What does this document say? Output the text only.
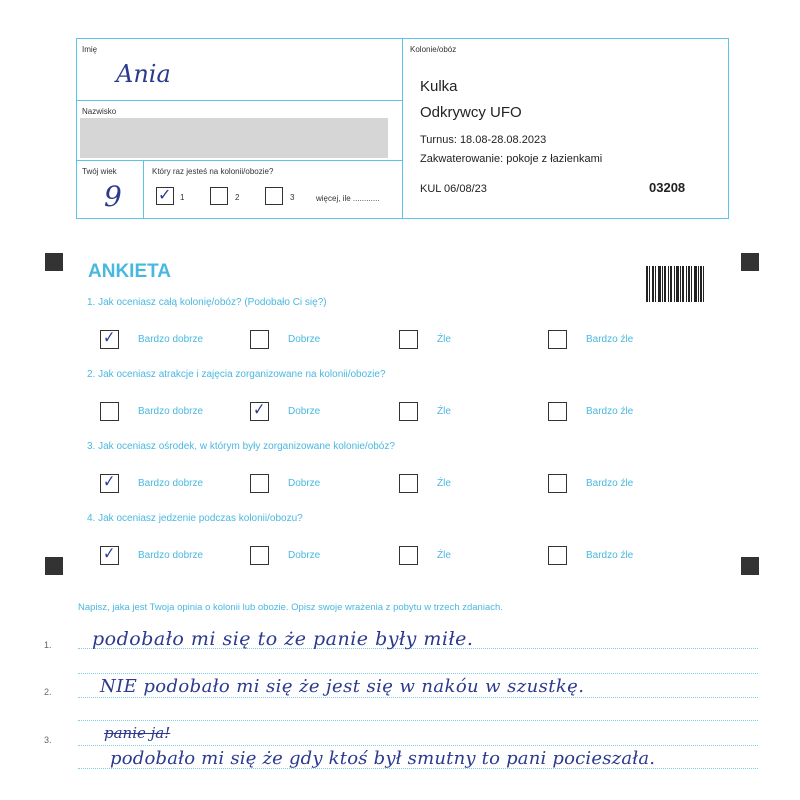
Imię
Ania
Nazwisko
Twój wiek
9
Który raz jesteś na kolonii/obozie?
✓ 1	2	3	więcej, ile ............
Kolonie/obóz
Kulka
Odkrywcy UFO
Turnus: 18.08-28.08.2023
Zakwaterowanie: pokoje z łazienkami
KUL 06/08/23	03208
ANKIETA
1. Jak oceniasz całą kolonię/obóz? (Podobało Ci się?)
2. Jak oceniasz atrakcje i zajęcia zorganizowane na kolonii/obozie?
3. Jak oceniasz ośrodek, w którym były zorganizowane kolonie/obóz?
4. Jak oceniasz jedzenie podczas kolonii/obozu?
✓ Bardzo dobrze	Dobrze	Źle	Bardzo źle
Bardzo dobrze	✓ Dobrze	Źle	Bardzo źle
✓ Bardzo dobrze	Dobrze	Źle	Bardzo źle
✓ Bardzo dobrze	Dobrze	Źle	Bardzo źle
Napisz, jaka jest Twoja opinia o kolonii lub obozie. Opisz swoje wrażenia z pobytu w trzech zdaniach.
1.
2.
3.
podobało mi się to że panie były miłe.
NIE podobało mi się że jest się w nakóu w szustkę.
panie ja!
podobało mi się że gdy ktoś był smutny to pani pocieszała.
